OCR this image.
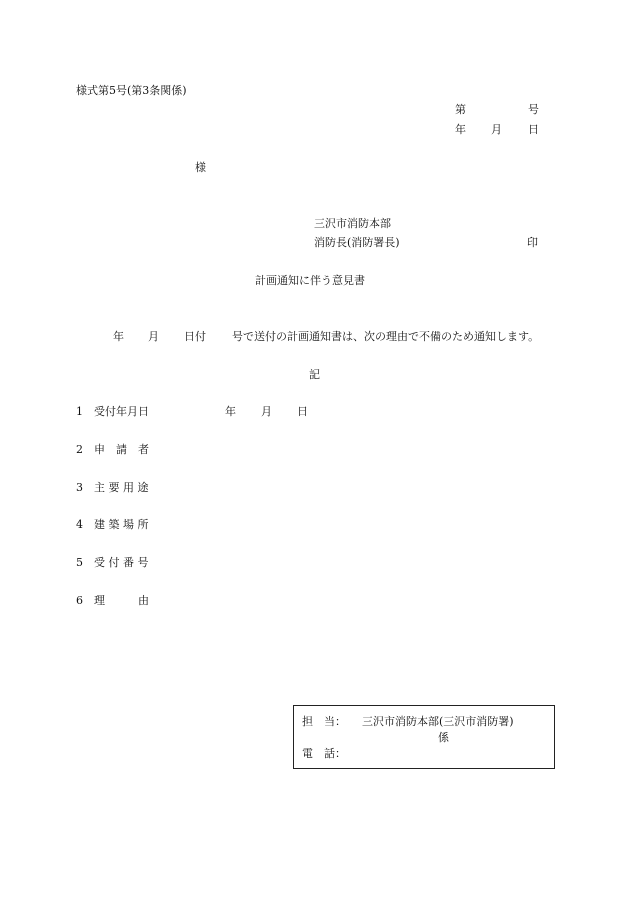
様式第5号(第3条関係)
第	号
年 月 日
様
三沢市消防本部
消防長(消防署長)	印
計画通知に伴う意見書
年 月 日付 号で送付の計画通知書は、次の理由で不備のため通知します。
記
1 受付年月日	年 月 日
2 申　請　者
3 主 要 用 途
4 建 築 場 所
5 受 付 番 号
6 理　　　由
担　当： 三沢市消防本部(三沢市消防署)
係
電　話：
